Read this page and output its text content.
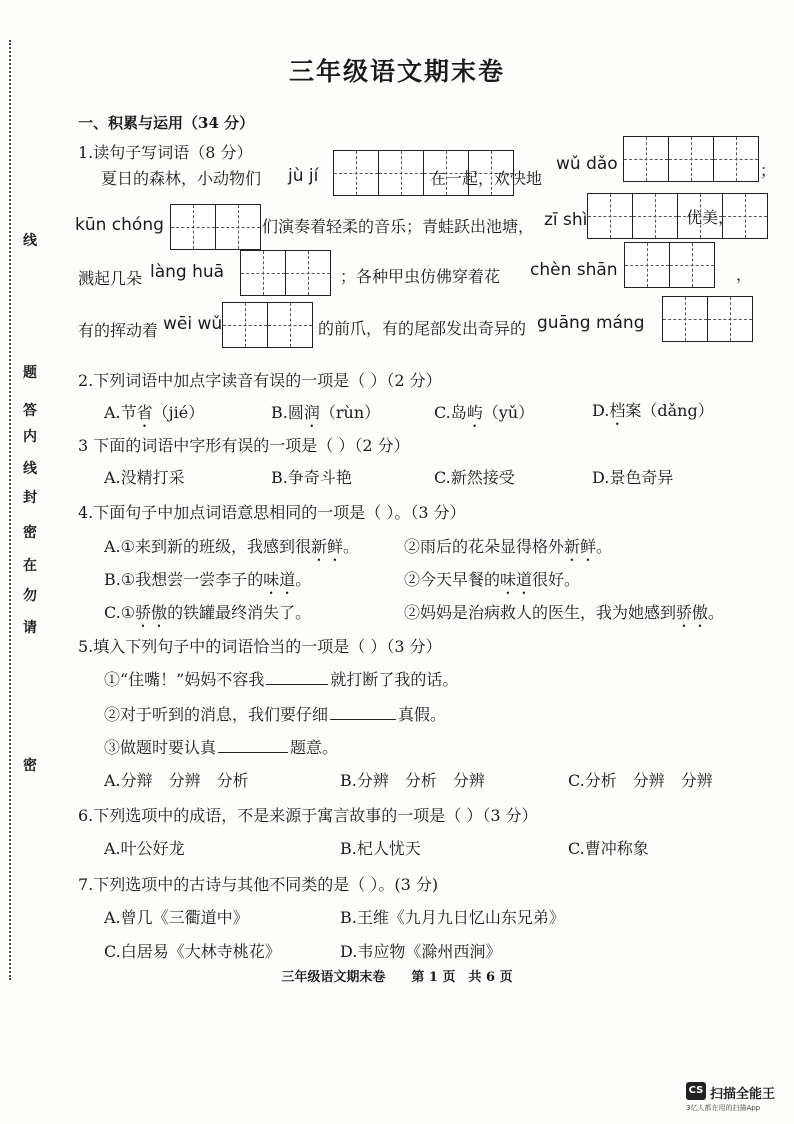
线
题
答
内
线
封
密
在
勿
请
密
三年级语文期末卷
一、积累与运用（34 分）
1.读句子写词语（8 分）
夏日的森林，小动物们 jù jí	在一起，欢快地
wǔ dǎo	；
kūn chóng	们演奏着轻柔的音乐；青蛙跃出池塘， zī shì	优美，
溅起几朵 làng huā	；各种甲虫仿佛穿着花 chèn shān	，
有的挥动着 wēi wǔ	的前爪，有的尾部发出奇异的 guāng máng
2.下列词语中加点字读音有误的一项是（ ）（2 分）
A.节省（jié）	B.圆润（rùn）	C.岛屿（yǔ）	D.档案（dǎng）
3 下面的词语中字形有误的一项是（ ）（2 分）
A.没精打采	B.争奇斗艳	C.新然接受	D.景色奇异
4.下面句子中加点词语意思相同的一项是（ ）。（3 分）
A.①来到新的班级，我感到很新鲜。	②雨后的花朵显得格外新鲜。
B.①我想尝一尝李子的味道。	②今天早餐的味道很好。
C.①骄傲的铁罐最终消失了。	②妈妈是治病救人的医生，我为她感到骄傲。
5.填入下列句子中的词语恰当的一项是（ ）（3 分）
①“住嘴！”妈妈不容我	就打断了我的话。
②对于听到的消息，我们要仔细	真假。
③做题时要认真	题意。
A.分辩　分辨　分析	B.分辨　分析　分辨	C.分析　分辨　分辨
6.下列选项中的成语，不是来源于寓言故事的一项是（ ）（3 分）
A.叶公好龙	B.杞人忧天	C.曹冲称象
7.下列选项中的古诗与其他不同类的是（ ）。(3 分)
A.曾几《三衢道中》	B.王维《九月九日忆山东兄弟》
C.白居易《大林寺桃花》	D.韦应物《滁州西涧》
三年级语文期末卷　　第 1 页　共 6 页
CS 扫描全能王
3亿人都在用的扫描App
